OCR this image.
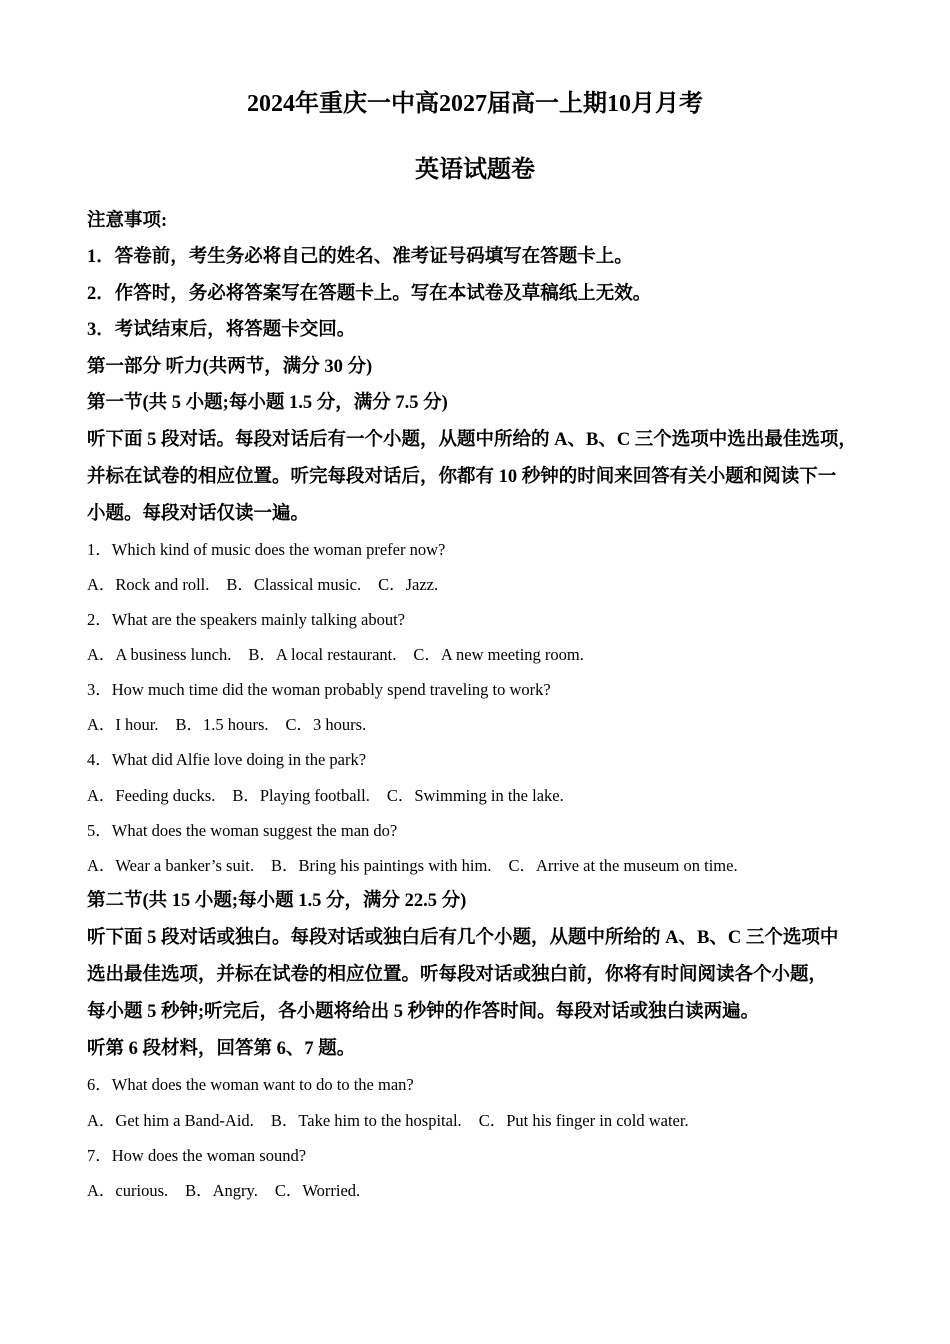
2024年重庆一中高2027届高一上期10月月考
英语试题卷
注意事项:
1．答卷前，考生务必将自己的姓名、准考证号码填写在答题卡上。
2．作答时，务必将答案写在答题卡上。写在本试卷及草稿纸上无效。
3．考试结束后，将答题卡交回。
第一部分 听力(共两节，满分 30 分)
第一节(共 5 小题;每小题 1.5 分，满分 7.5 分)
听下面 5 段对话。每段对话后有一个小题，从题中所给的 A、B、C 三个选项中选出最佳选项，
并标在试卷的相应位置。听完每段对话后，你都有 10 秒钟的时间来回答有关小题和阅读下一
小题。每段对话仅读一遍。
1．Which kind of music does the woman prefer now?
A．Rock and roll. B．Classical music. C．Jazz.
2．What are the speakers mainly talking about?
A．A business lunch. B．A local restaurant. C．A new meeting room.
3．How much time did the woman probably spend traveling to work?
A．I hour. B．1.5 hours. C．3 hours.
4．What did Alfie love doing in the park?
A．Feeding ducks. B．Playing football. C．Swimming in the lake.
5．What does the woman suggest the man do?
A．Wear a banker’s suit. B．Bring his paintings with him. C．Arrive at the museum on time.
第二节(共 15 小题;每小题 1.5 分，满分 22.5 分)
听下面 5 段对话或独白。每段对话或独白后有几个小题，从题中所给的 A、B、C 三个选项中
选出最佳选项，并标在试卷的相应位置。听每段对话或独白前，你将有时间阅读各个小题，
每小题 5 秒钟;听完后，各小题将给出 5 秒钟的作答时间。每段对话或独白读两遍。
听第 6 段材料，回答第 6、7 题。
6．What does the woman want to do to the man?
A．Get him a Band-Aid. B．Take him to the hospital. C．Put his finger in cold water.
7．How does the woman sound?
A．curious. B．Angry. C．Worried.
